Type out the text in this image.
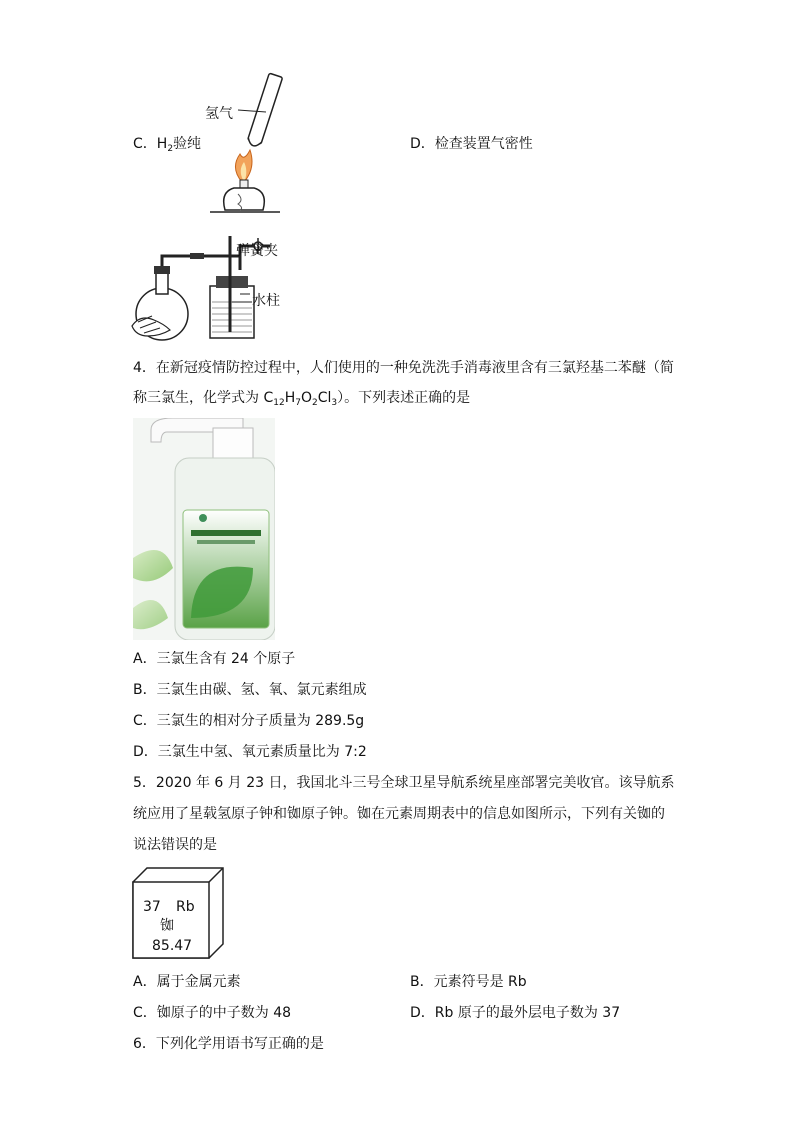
氢气
C．$H_2$验纯	D．检查装置气密性
弹簧夹
水柱
4．在新冠疫情防控过程中，人们使用的一种免洗洗手消毒液里含有三氯羟基二苯醚（简
称三氯生，化学式为 $C_{12}H_7O_2Cl_3$）。下列表述正确的是
A．三氯生含有 24 个原子
B．三氯生由碳、氢、氧、氯元素组成
C．三氯生的相对分子质量为 289.5g
D．三氯生中氢、氧元素质量比为 7:2
5．2020 年 6 月 23 日，我国北斗三号全球卫星导航系统星座部署完美收官。该导航系
统应用了星载氢原子钟和铷原子钟。铷在元素周期表中的信息如图所示，下列有关铷的
说法错误的是
37 Rb
铷
85.47
A．属于金属元素	B．元素符号是 Rb
C．铷原子的中子数为 48	D．Rb 原子的最外层电子数为 37
6．下列化学用语书写正确的是
